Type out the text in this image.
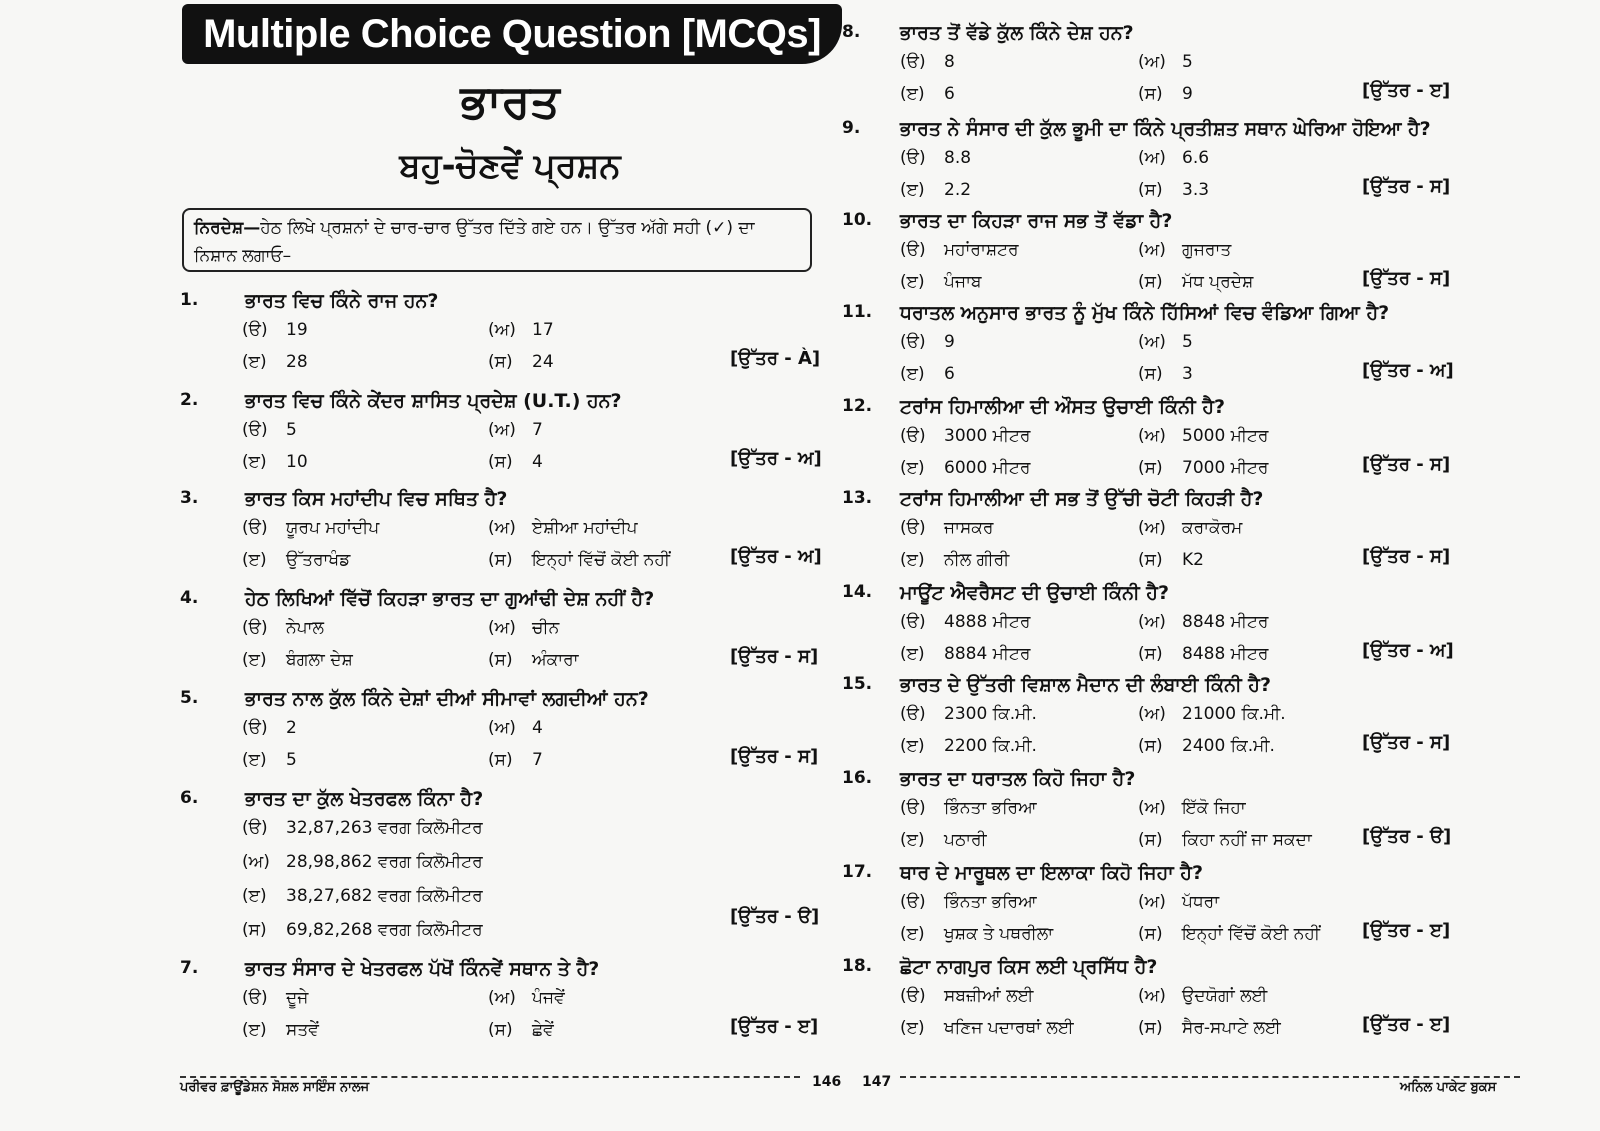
Multiple Choice Question [MCQs]
ਭਾਰਤ
ਬਹੁ-ਚੋਣਵੇਂ ਪ੍ਰਸ਼ਨ
ਨਿਰਦੇਸ਼—ਹੇਠ ਲਿਖੇ ਪ੍ਰਸ਼ਨਾਂ ਦੇ ਚਾਰ-ਚਾਰ ਉੱਤਰ ਦਿੱਤੇ ਗਏ ਹਨ। ਉੱਤਰ ਅੱਗੇ ਸਹੀ (✓) ਦਾ ਨਿਸ਼ਾਨ ਲਗਾਓ–
1. ਭਾਰਤ ਵਿਚ ਕਿੰਨੇ ਰਾਜ ਹਨ?
(ੳ) 19	(ਅ) 17
(ੲ) 28	(ਸ) 24	[ਉੱਤਰ - À]
2. ਭਾਰਤ ਵਿਚ ਕਿੰਨੇ ਕੇਂਦਰ ਸ਼ਾਸਿਤ ਪ੍ਰਦੇਸ਼ (U.T.) ਹਨ?
(ੳ) 5	(ਅ) 7
(ੲ) 10	(ਸ) 4	[ਉੱਤਰ - ਅ]
3. ਭਾਰਤ ਕਿਸ ਮਹਾਂਦੀਪ ਵਿਚ ਸਥਿਤ ਹੈ?
(ੳ) ਯੂਰਪ ਮਹਾਂਦੀਪ	(ਅ) ਏਸ਼ੀਆ ਮਹਾਂਦੀਪ
(ੲ) ਉੱਤਰਾਖੰਡ	(ਸ) ਇਨ੍ਹਾਂ ਵਿੱਚੋਂ ਕੋਈ ਨਹੀਂ	[ਉੱਤਰ - ਅ]
4. ਹੇਠ ਲਿਖਿਆਂ ਵਿੱਚੋਂ ਕਿਹੜਾ ਭਾਰਤ ਦਾ ਗੁਆਂਢੀ ਦੇਸ਼ ਨਹੀਂ ਹੈ?
(ੳ) ਨੇਪਾਲ	(ਅ) ਚੀਨ
(ੲ) ਬੰਗਲਾ ਦੇਸ਼	(ਸ) ਅੰਕਾਰਾ	[ਉੱਤਰ - ਸ]
5. ਭਾਰਤ ਨਾਲ ਕੁੱਲ ਕਿੰਨੇ ਦੇਸ਼ਾਂ ਦੀਆਂ ਸੀਮਾਵਾਂ ਲਗਦੀਆਂ ਹਨ?
(ੳ) 2	(ਅ) 4
(ੲ) 5	(ਸ) 7	[ਉੱਤਰ - ਸ]
6. ਭਾਰਤ ਦਾ ਕੁੱਲ ਖੇਤਰਫਲ ਕਿੰਨਾ ਹੈ?
(ੳ) 32,87,263 ਵਰਗ ਕਿਲੋਮੀਟਰ
(ਅ) 28,98,862 ਵਰਗ ਕਿਲੋਮੀਟਰ
(ੲ) 38,27,682 ਵਰਗ ਕਿਲੋਮੀਟਰ
(ਸ) 69,82,268 ਵਰਗ ਕਿਲੋਮੀਟਰ
[ਉੱਤਰ - ੳ]
7. ਭਾਰਤ ਸੰਸਾਰ ਦੇ ਖੇਤਰਫਲ ਪੱਖੋਂ ਕਿੰਨਵੇਂ ਸਥਾਨ ਤੇ ਹੈ?
(ੳ) ਦੂਜੇ	(ਅ) ਪੰਜਵੇਂ
(ੲ) ਸਤਵੇਂ	(ਸ) ਛੇਵੇਂ	[ਉੱਤਰ - ੲ]
ਪਰੀਵਰ ਫ਼ਾਊਂਡੇਸ਼ਨ ਸੋਸ਼ਲ ਸਾਇੰਸ ਨਾਲਜ	146
8. ਭਾਰਤ ਤੋਂ ਵੱਡੇ ਕੁੱਲ ਕਿੰਨੇ ਦੇਸ਼ ਹਨ?
(ੳ) 8	(ਅ) 5
(ੲ) 6	(ਸ) 9	[ਉੱਤਰ - ੲ]
9. ਭਾਰਤ ਨੇ ਸੰਸਾਰ ਦੀ ਕੁੱਲ ਭੂਮੀ ਦਾ ਕਿੰਨੇ ਪ੍ਰਤੀਸ਼ਤ ਸਥਾਨ ਘੇਰਿਆ ਹੋਇਆ ਹੈ?
(ੳ) 8.8	(ਅ) 6.6
(ੲ) 2.2	(ਸ) 3.3	[ਉੱਤਰ - ਸ]
10. ਭਾਰਤ ਦਾ ਕਿਹੜਾ ਰਾਜ ਸਭ ਤੋਂ ਵੱਡਾ ਹੈ?
(ੳ) ਮਹਾਂਰਾਸ਼ਟਰ	(ਅ) ਗੁਜਰਾਤ
(ੲ) ਪੰਜਾਬ	(ਸ) ਮੱਧ ਪ੍ਰਦੇਸ਼	[ਉੱਤਰ - ਸ]
11. ਧਰਾਤਲ ਅਨੁਸਾਰ ਭਾਰਤ ਨੂੰ ਮੁੱਖ ਕਿੰਨੇ ਹਿੱਸਿਆਂ ਵਿਚ ਵੰਡਿਆ ਗਿਆ ਹੈ?
(ੳ) 9	(ਅ) 5
(ੲ) 6	(ਸ) 3	[ਉੱਤਰ - ਅ]
12. ਟਰਾਂਸ ਹਿਮਾਲੀਆ ਦੀ ਔਸਤ ਉਚਾਈ ਕਿੰਨੀ ਹੈ?
(ੳ) 3000 ਮੀਟਰ	(ਅ) 5000 ਮੀਟਰ
(ੲ) 6000 ਮੀਟਰ	(ਸ) 7000 ਮੀਟਰ	[ਉੱਤਰ - ਸ]
13. ਟਰਾਂਸ ਹਿਮਾਲੀਆ ਦੀ ਸਭ ਤੋਂ ਉੱਚੀ ਚੋਟੀ ਕਿਹੜੀ ਹੈ?
(ੳ) ਜਾਸਕਰ	(ਅ) ਕਰਾਕੋਰਮ
(ੲ) ਨੀਲ ਗੀਰੀ	(ਸ) K2	[ਉੱਤਰ - ਸ]
14. ਮਾਊਂਟ ਐਵਰੈਸਟ ਦੀ ਉਚਾਈ ਕਿੰਨੀ ਹੈ?
(ੳ) 4888 ਮੀਟਰ	(ਅ) 8848 ਮੀਟਰ
(ੲ) 8884 ਮੀਟਰ	(ਸ) 8488 ਮੀਟਰ	[ਉੱਤਰ - ਅ]
15. ਭਾਰਤ ਦੇ ਉੱਤਰੀ ਵਿਸ਼ਾਲ ਮੈਦਾਨ ਦੀ ਲੰਬਾਈ ਕਿੰਨੀ ਹੈ?
(ੳ) 2300 ਕਿ.ਮੀ.	(ਅ) 21000 ਕਿ.ਮੀ.
(ੲ) 2200 ਕਿ.ਮੀ.	(ਸ) 2400 ਕਿ.ਮੀ.	[ਉੱਤਰ - ਸ]
16. ਭਾਰਤ ਦਾ ਧਰਾਤਲ ਕਿਹੋ ਜਿਹਾ ਹੈ?
(ੳ) ਭਿੰਨਤਾ ਭਰਿਆ	(ਅ) ਇੱਕੋ ਜਿਹਾ
(ੲ) ਪਠਾਰੀ	(ਸ) ਕਿਹਾ ਨਹੀਂ ਜਾ ਸਕਦਾ	[ਉੱਤਰ - ੳ]
17. ਥਾਰ ਦੇ ਮਾਰੂਥਲ ਦਾ ਇਲਾਕਾ ਕਿਹੋ ਜਿਹਾ ਹੈ?
(ੳ) ਭਿੰਨਤਾ ਭਰਿਆ	(ਅ) ਪੱਧਰਾ
(ੲ) ਖੁਸ਼ਕ ਤੇ ਪਥਰੀਲਾ	(ਸ) ਇਨ੍ਹਾਂ ਵਿੱਚੋਂ ਕੋਈ ਨਹੀਂ [ਉੱਤਰ - ੲ]
18. ਛੋਟਾ ਨਾਗਪੁਰ ਕਿਸ ਲਈ ਪ੍ਰਸਿੱਧ ਹੈ?
(ੳ) ਸਬਜ਼ੀਆਂ ਲਈ	(ਅ) ਉਦਯੋਗਾਂ ਲਈ
(ੲ) ਖਣਿਜ ਪਦਾਰਥਾਂ ਲਈ	(ਸ) ਸੈਰ-ਸਪਾਟੇ ਲਈ	[ਉੱਤਰ - ੲ]
147	ਅਨਿਲ ਪਾਕੇਟ ਬੁਕਸ
